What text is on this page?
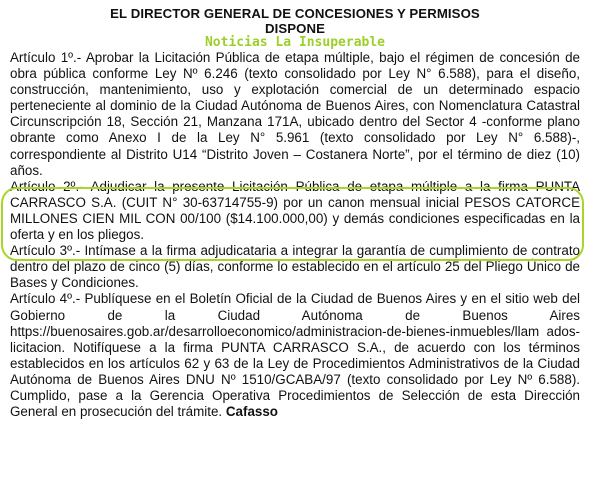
EL DIRECTOR GENERAL DE CONCESIONES Y PERMISOS
DISPONE

Noticias La Insuperable

Artículo 1º.- Aprobar la Licitación Pública de etapa múltiple, bajo el régimen de concesión de obra pública conforme Ley Nº 6.246 (texto consolidado por Ley N° 6.588), para el diseño, construcción, mantenimiento, uso y explotación comercial de un determinado espacio perteneciente al dominio de la Ciudad Autónoma de Buenos Aires, con Nomenclatura Catastral Circunscripción 18, Sección 21, Manzana 171A, ubicado dentro del Sector 4 -conforme plano obrante como Anexo I de la Ley N° 5.961 (texto consolidado por Ley N° 6.588)-, correspondiente al Distrito U14 “Distrito Joven – Costanera Norte”, por el término de diez (10) años.

Artículo 2º.- Adjudicar la presente Licitación Pública de etapa múltiple a la firma PUNTA CARRASCO S.A. (CUIT N° 30-63714755-9) por un canon mensual inicial PESOS CATORCE MILLONES CIEN MIL CON 00/100 ($14.100.000,00) y demás condiciones especificadas en la oferta y en los pliegos.

Artículo 3º.- Intímase a la firma adjudicataria a integrar la garantía de cumplimiento de contrato dentro del plazo de cinco (5) días, conforme lo establecido en el artículo 25 del Pliego Único de Bases y Condiciones.

Artículo 4º.- Publíquese en el Boletín Oficial de la Ciudad de Buenos Aires y en el sitio web del Gobierno de la Ciudad Autónoma de Buenos Aires https://buenosaires.gob.ar/desarrolloeconomico/administracion-de-bienes-inmuebles/llam ados-licitacion. Notifíquese a la firma PUNTA CARRASCO S.A., de acuerdo con los términos establecidos en los artículos 62 y 63 de la Ley de Procedimientos Administrativos de la Ciudad Autónoma de Buenos Aires DNU Nº 1510/GCABA/97 (texto consolidado por Ley Nº 6.588). Cumplido, pase a la Gerencia Operativa Procedimientos de Selección de esta Dirección General en prosecución del trámite. Cafasso
